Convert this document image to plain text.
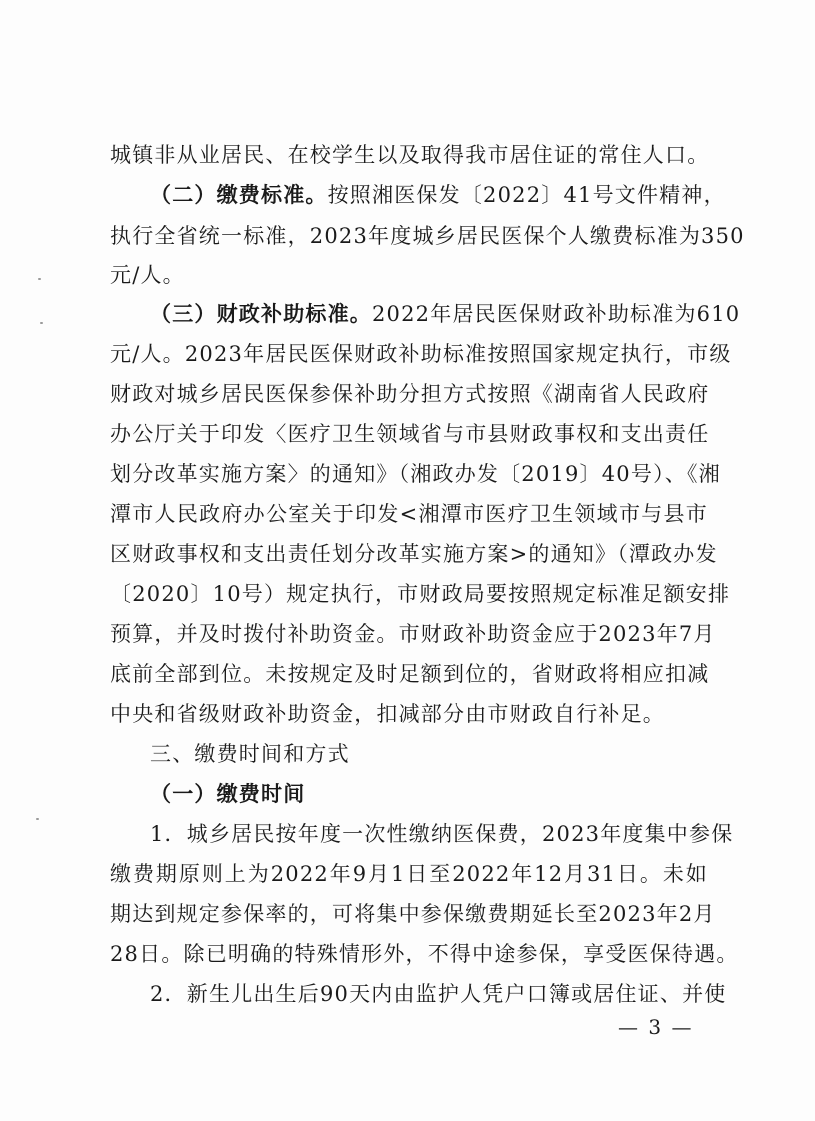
城镇非从业居民、在校学生以及取得我市居住证的常住人口。
（二）缴费标准。按照湘医保发〔2022〕41号文件精神，
执行全省统一标准，2023年度城乡居民医保个人缴费标准为350
元/人。
（三）财政补助标准。2022年居民医保财政补助标准为610
元/人。2023年居民医保财政补助标准按照国家规定执行，市级
财政对城乡居民医保参保补助分担方式按照《湖南省人民政府
办公厅关于印发〈医疗卫生领域省与市县财政事权和支出责任
划分改革实施方案〉的通知》（湘政办发〔2019〕40号）、《湘
潭市人民政府办公室关于印发<湘潭市医疗卫生领域市与县市
区财政事权和支出责任划分改革实施方案>的通知》（潭政办发
〔2020〕10号）规定执行，市财政局要按照规定标准足额安排
预算，并及时拨付补助资金。市财政补助资金应于2023年7月
底前全部到位。未按规定及时足额到位的，省财政将相应扣减
中央和省级财政补助资金，扣减部分由市财政自行补足。
三、缴费时间和方式
（一）缴费时间
1．城乡居民按年度一次性缴纳医保费，2023年度集中参保
缴费期原则上为2022年9月1日至2022年12月31日。未如
期达到规定参保率的，可将集中参保缴费期延长至2023年2月
28日。除已明确的特殊情形外，不得中途参保，享受医保待遇。
2．新生儿出生后90天内由监护人凭户口簿或居住证、并使
— 3 —
